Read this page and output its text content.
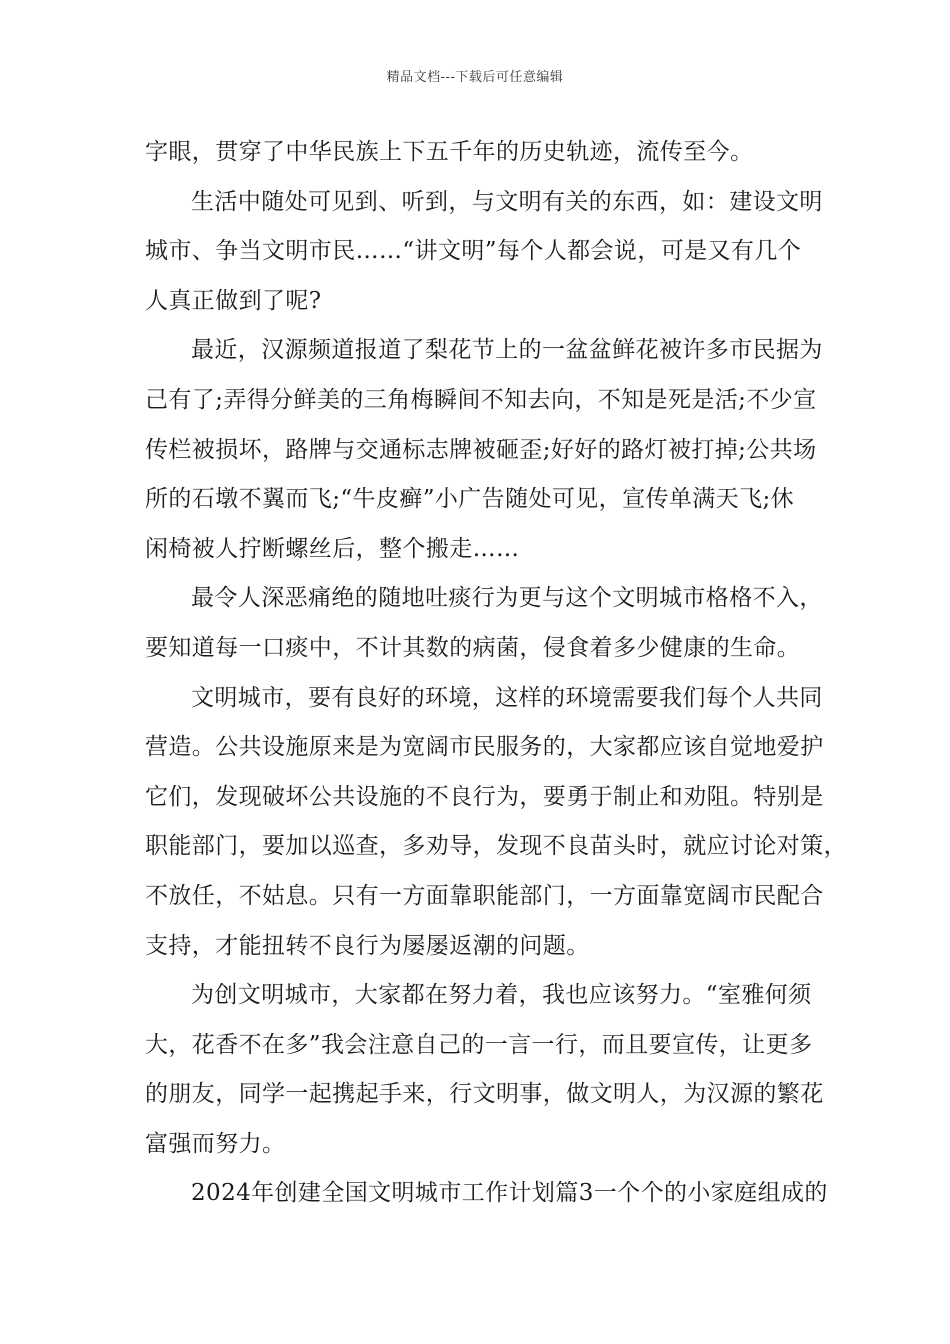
精品文档---下载后可任意编辑
字眼，贯穿了中华民族上下五千年的历史轨迹，流传至今。
生活中随处可见到、听到，与文明有关的东西，如：建设文明
城市、争当文明市民……“讲文明”每个人都会说，可是又有几个
人真正做到了呢?
最近，汉源频道报道了梨花节上的一盆盆鲜花被许多市民据为
己有了;弄得分鲜美的三角梅瞬间不知去向，不知是死是活;不少宣
传栏被损坏，路牌与交通标志牌被砸歪;好好的路灯被打掉;公共场
所的石墩不翼而飞;“牛皮癣”小广告随处可见，宣传单满天飞;休
闲椅被人拧断螺丝后，整个搬走……
最令人深恶痛绝的随地吐痰行为更与这个文明城市格格不入，
要知道每一口痰中，不计其数的病菌，侵食着多少健康的生命。
文明城市，要有良好的环境，这样的环境需要我们每个人共同
营造。公共设施原来是为宽阔市民服务的，大家都应该自觉地爱护
它们，发现破坏公共设施的不良行为，要勇于制止和劝阻。特别是
职能部门，要加以巡查，多劝导，发现不良苗头时，就应讨论对策，
不放任，不姑息。只有一方面靠职能部门，一方面靠宽阔市民配合
支持，才能扭转不良行为屡屡返潮的问题。
为创文明城市，大家都在努力着，我也应该努力。“室雅何须
大，花香不在多”我会注意自己的一言一行，而且要宣传，让更多
的朋友，同学一起携起手来，行文明事，做文明人，为汉源的繁花
富强而努力。
2024年创建全国文明城市工作计划篇3一个个的小家庭组成的
